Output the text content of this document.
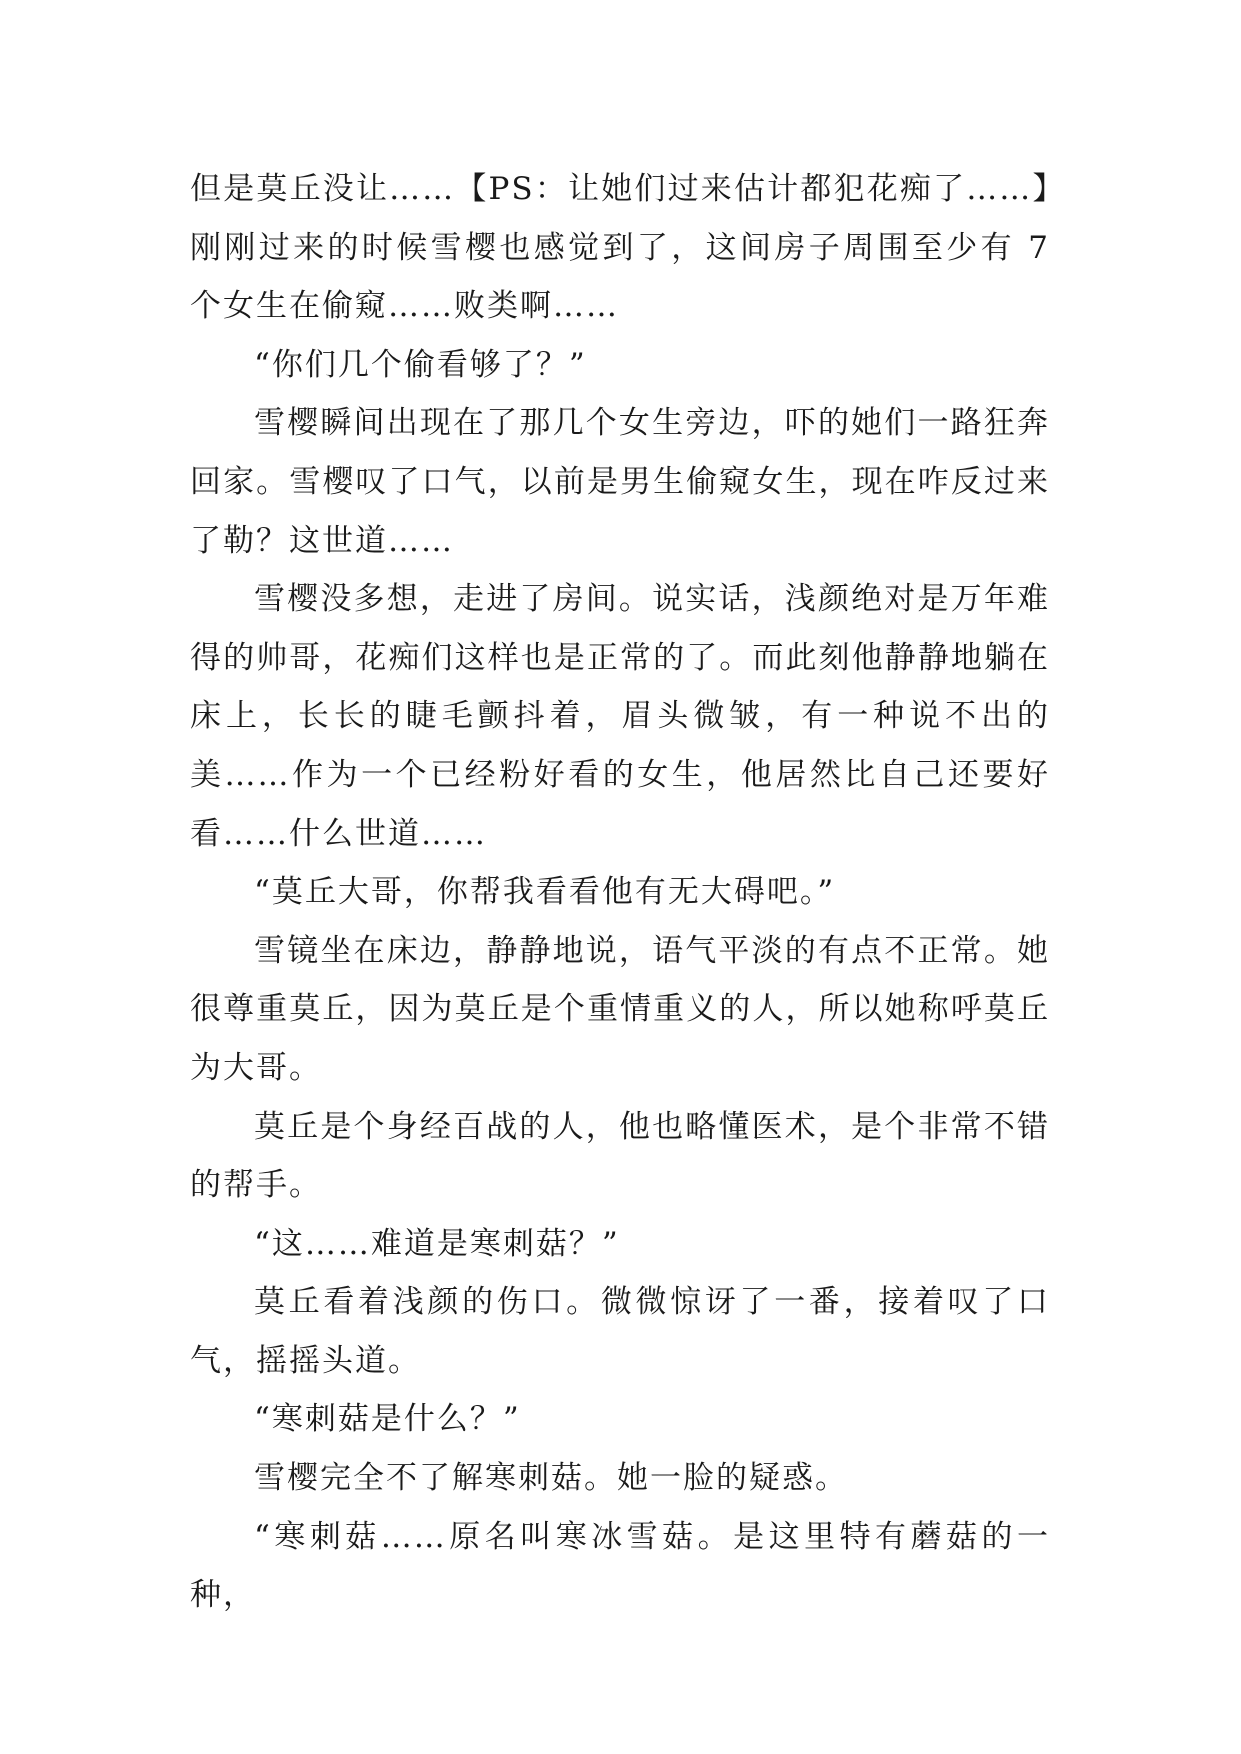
但是莫丘没让……【PS：让她们过来估计都犯花痴了……】刚刚过来的时候雪樱也感觉到了，这间房子周围至少有 7 个女生在偷窥……败类啊……

“你们几个偷看够了？”

雪樱瞬间出现在了那几个女生旁边，吓的她们一路狂奔回家。雪樱叹了口气，以前是男生偷窥女生，现在咋反过来了勒？这世道……

雪樱没多想，走进了房间。说实话，浅颜绝对是万年难得的帅哥，花痴们这样也是正常的了。而此刻他静静地躺在床上，长长的睫毛颤抖着，眉头微皱，有一种说不出的美……作为一个已经粉好看的女生，他居然比自己还要好看……什么世道……

“莫丘大哥，你帮我看看他有无大碍吧。”

雪镜坐在床边，静静地说，语气平淡的有点不正常。她很尊重莫丘，因为莫丘是个重情重义的人，所以她称呼莫丘为大哥。

莫丘是个身经百战的人，他也略懂医术，是个非常不错的帮手。

“这……难道是寒刺菇？”

莫丘看着浅颜的伤口。微微惊讶了一番，接着叹了口气，摇摇头道。

“寒刺菇是什么？”

雪樱完全不了解寒刺菇。她一脸的疑惑。

“寒刺菇……原名叫寒冰雪菇。是这里特有蘑菇的一种，
